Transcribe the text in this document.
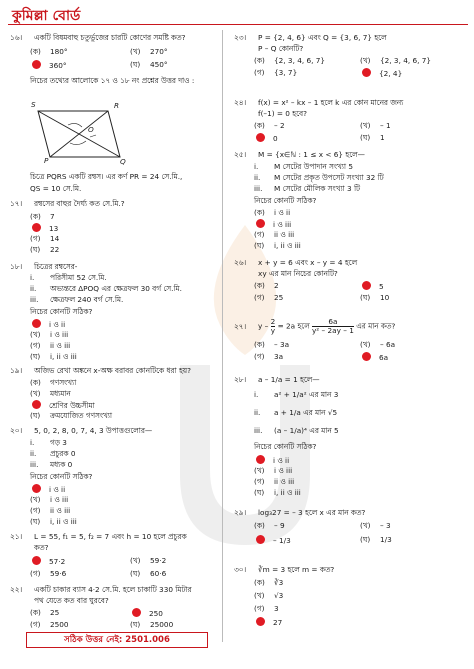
কুমিল্লা বোর্ড
১৬। একটি বিষমবাহু চতুর্ভুজের চারটি কোণের সমষ্টি কত?
(ক) 180°	(খ) 270°
360°	(ঘ) 450°
নিচের তথ্যের আলোকে ১৭ ও ১৮ নং প্রশ্নের উত্তর দাও :
S	R
O
P	Q
চিত্রে PQRS একটি রম্বস। এর কর্ণ PR = 24 সে.মি.,
QS = 10 সে.মি.
১৭। রম্বসের বাহুর দৈর্ঘ্য কত সে.মি.?
(ক) 7
13
(গ) 14
(ঘ) 22
১৮। চিত্রের রম্বসের-
i. পরিসীমা 52 সে.মি.
ii. অভ্যন্তরে ΔPOQ এর ক্ষেত্রফল 30 বর্গ সে.মি.
iii. ক্ষেত্রফল 240 বর্গ সে.মি.
নিচের কোনটি সঠিক?
i ও ii
(খ) i ও iii
(গ) ii ও iii
(ঘ) i, ii ও iii
১৯। অজিভ রেখা অঙ্কনে x-অক্ষ বরাবর কোনটিকে ধরা হয়?
(ক) গণসংখ্যা
(খ) মধ্যমান
শ্রেণির উচ্চসীমা
(ঘ) ক্রমযোজিত গণসংখ্যা
২০। 5, 0, 2, 8, 0, 7, 4, 3 উপাত্তগুলোর—
i. গড় 3
ii. প্রচুরক 0
iii. মধ্যক 0
নিচের কোনটি সঠিক?
i ও ii
(খ) i ও iii
(গ) ii ও iii
(ঘ) i, ii ও iii
২১। L = 55, f₁ = 5, f₂ = 7 এবং h = 10 হলে প্রচুরক
কত?
57·2	(খ) 59·2
(গ) 59·6	(ঘ) 60·6
২২। একটি চাকার ব্যাস 4·2 সে.মি. হলে চাকাটি 330 মিটার
পথ যেতে কত বার ঘুরবে?
(ক) 25	250
(গ) 2500	(ঘ) 25000
সঠিক উত্তর নেই: 2501.006
২৩। P = {2, 4, 6} এবং Q = {3, 6, 7} হলে
P – Q কোনটি?
(ক) {2, 3, 4, 6, 7}	(খ) {2, 3, 4, 6, 7}
(গ) {3, 7}	{2, 4}
২৪। f(x) = x² – kx – 1 হলে k এর কোন মানের জন্য
f(–1) = 0 হবে?
(ক) – 2	(খ) – 1
0	(ঘ) 1
২৫। M = {x∈ℕ : 1 ≤ x < 6} হলে—
i. M সেটের উপাদান সংখ্যা 5
ii. M সেটের প্রকৃত উপসেট সংখ্যা 32 টি
iii. M সেটের মৌলিক সংখ্যা 3 টি
নিচের কোনটি সঠিক?
(ক) i ও ii
i ও iii
(গ) ii ও iii
(ঘ) i, ii ও iii
২৬। x + y = 6 এবং x – y = 4 হলে
xy এর মান নিচের কোনটি?
(ক) 2	5
(গ) 25	(ঘ) 10
২৭। $y - \frac{2}{y} = 2a$ হলে $\frac{6a}{\text{y² – 2ay – 1}}$ এর মান কত?
(ক) – 3a	(খ) – 6a
(গ) 3a	6a
২৮। a – 1/a = 1 হলে—
i. a² + 1/a² এর মান 3
ii. a + 1/a এর মান √5
iii. (a – 1/a)⁴ এর মান 5
নিচের কোনটি সঠিক?
i ও ii
(খ) i ও iii
(গ) ii ও iii
(ঘ) i, ii ও iii
২৯। log₃27 = – 3 হলে x এর মান কত?
(ক) – 9	(খ) – 3
– 1/3	(ঘ) 1/3
৩০। ∛m = 3 হলে m = কত?
(ক) ∛3
(খ) √3
(গ) 3
27
